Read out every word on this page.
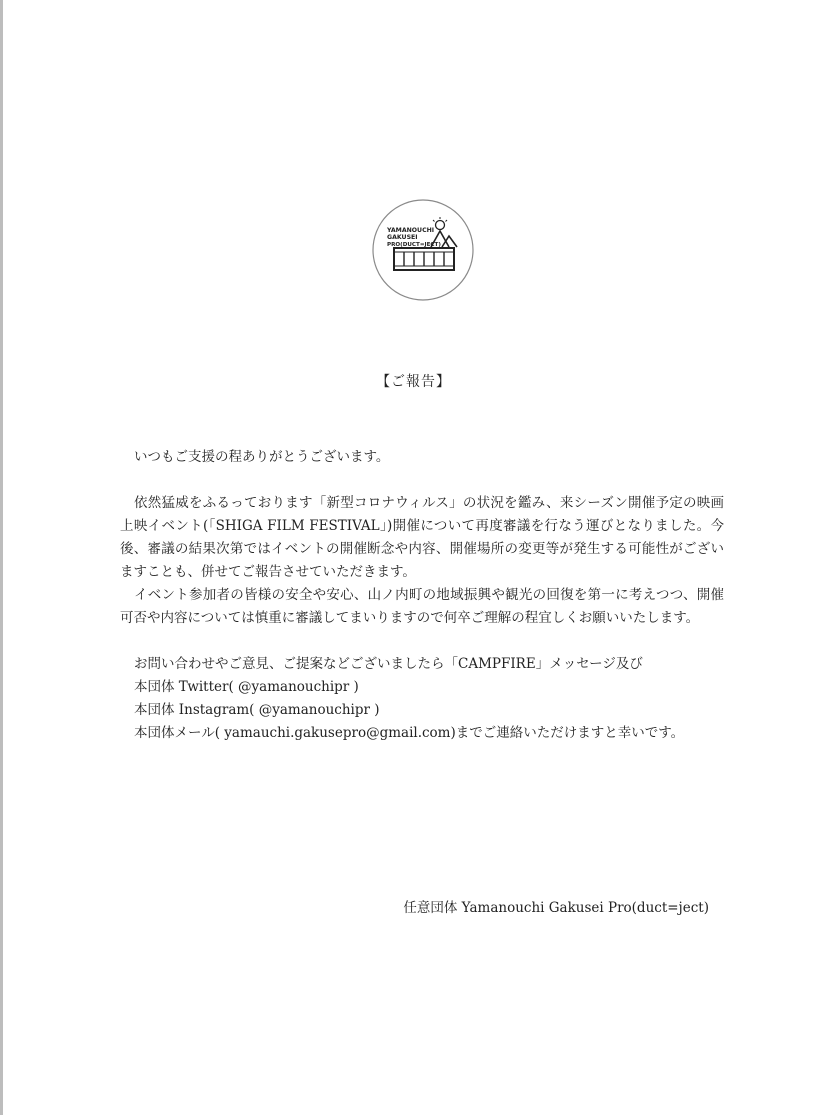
YAMANOUCHI
GAKUSEI
PRO(DUCT=JECT)
【ご報告】

いつもご支援の程ありがとうございます。

依然猛威をふるっております「新型コロナウィルス」の状況を鑑み、来シーズン開催予定の映画上映イベント(「SHIGA FILM FESTIVAL」)開催について再度審議を行なう運びとなりました。今後、審議の結果次第ではイベントの開催断念や内容、開催場所の変更等が発生する可能性がございますことも、併せてご報告させていただきます。

イベント参加者の皆様の安全や安心、山ノ内町の地域振興や観光の回復を第一に考えつつ、開催可否や内容については慎重に審議してまいりますので何卒ご理解の程宜しくお願いいたします。

お問い合わせやご意見、ご提案などございましたら「CAMPFIRE」メッセージ及び

本団体 Twitter( @yamanouchipr )

本団体 Instagram( @yamanouchipr )

本団体メール( yamauchi.gakusepro@gmail.com)までご連絡いただけますと幸いです。

任意団体 Yamanouchi Gakusei Pro(duct=ject)
